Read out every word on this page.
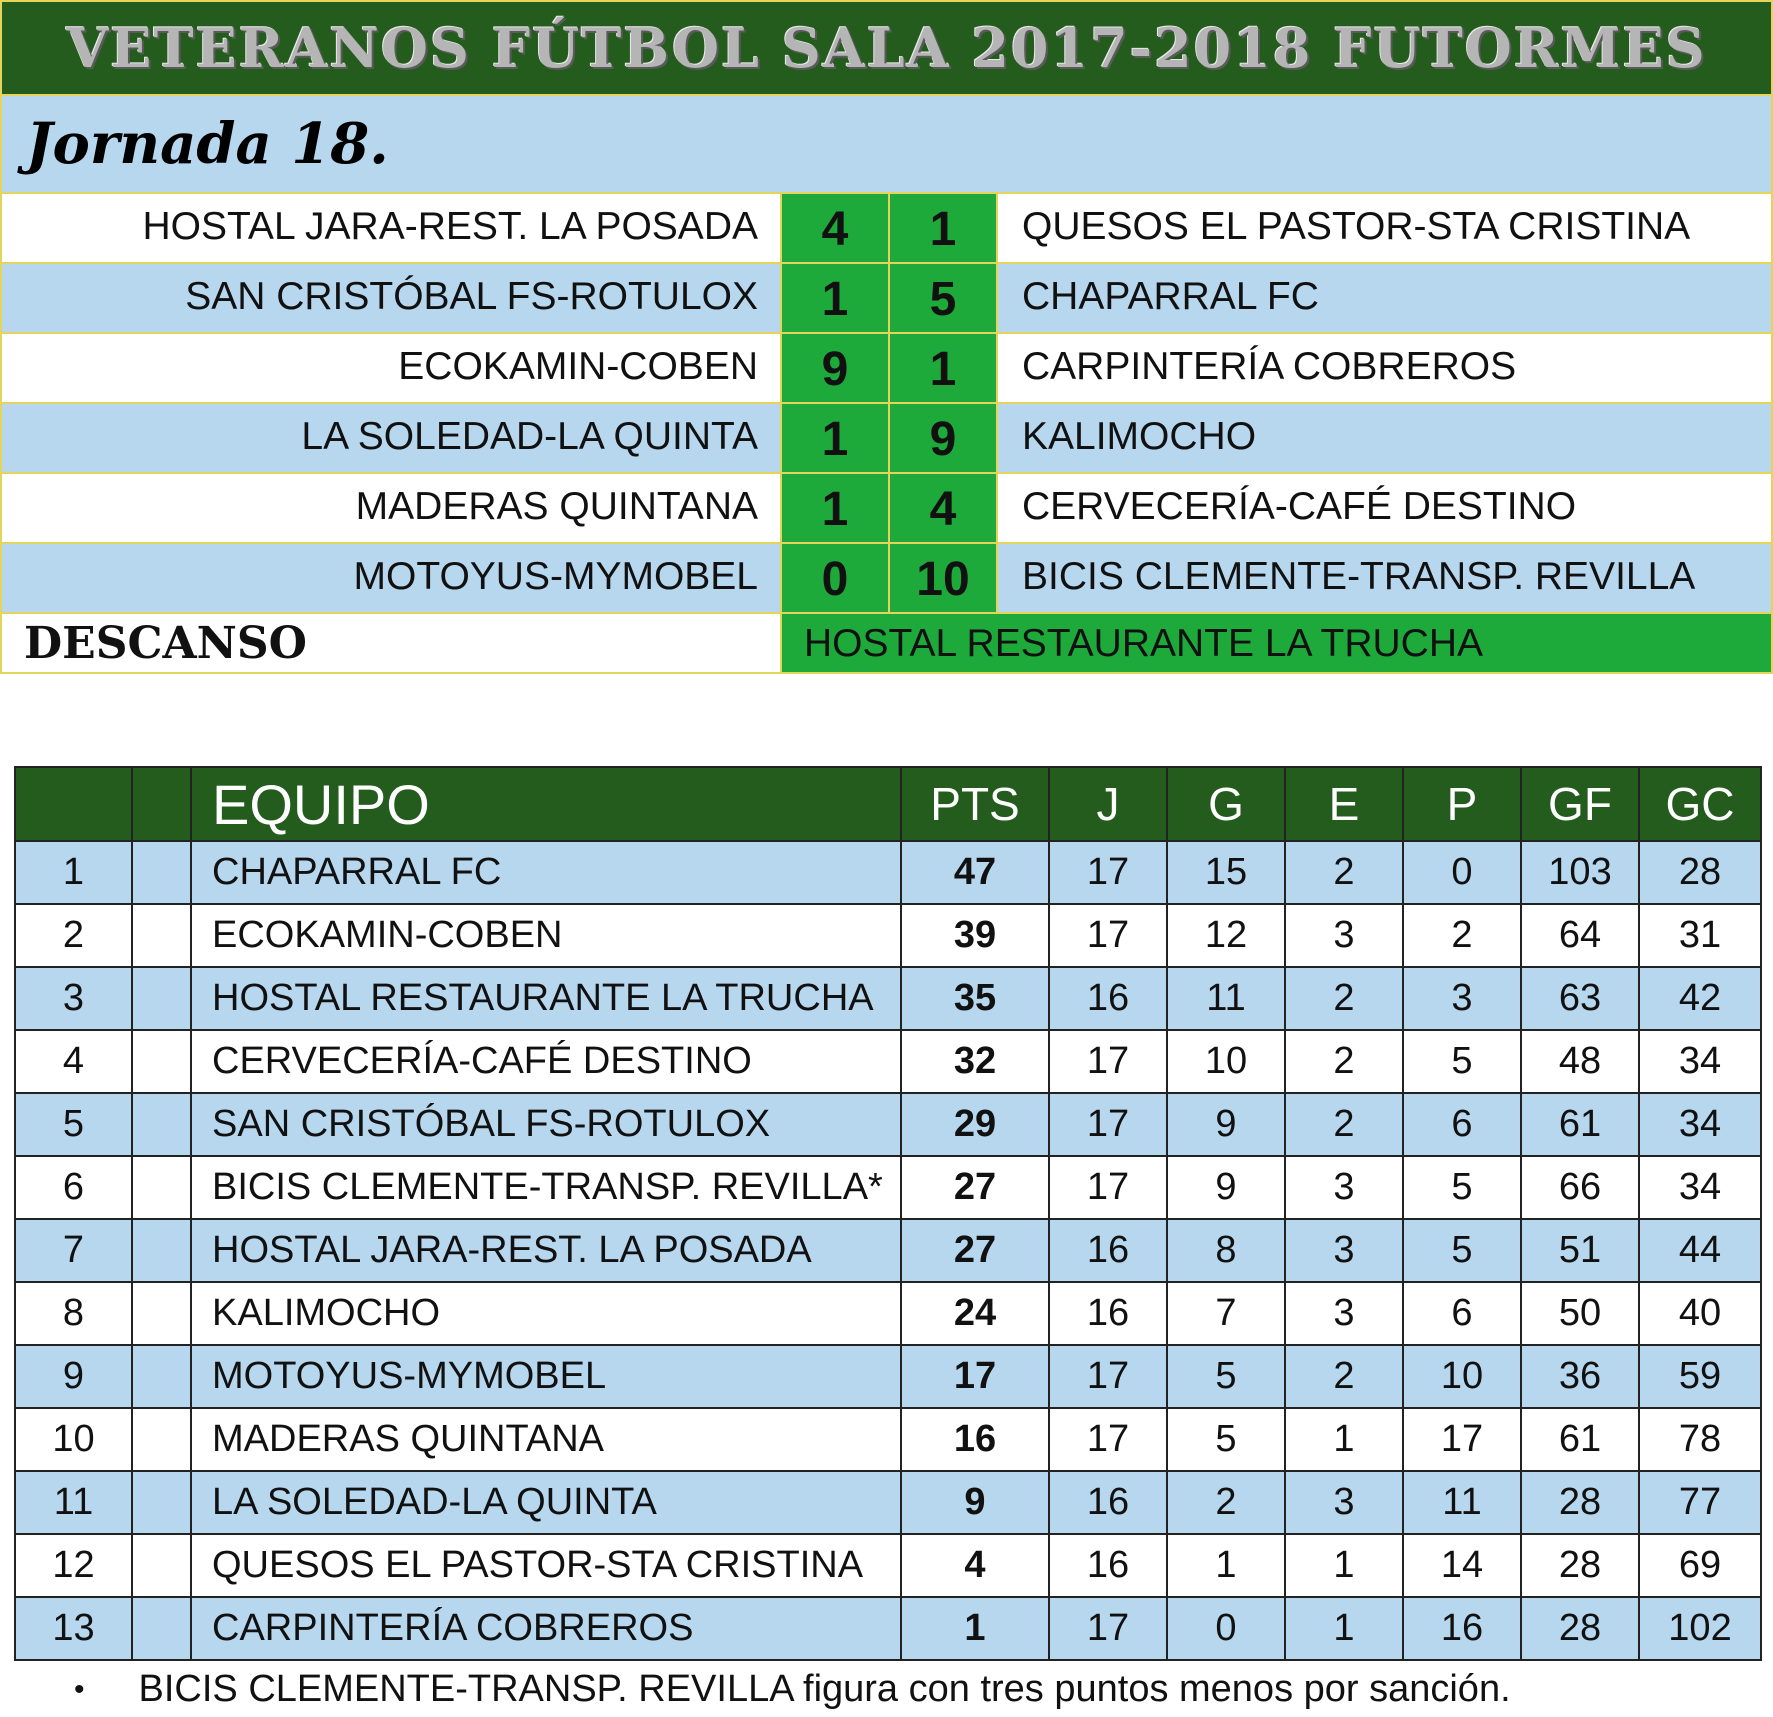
VETERANOS FÚTBOL SALA 2017-2018 FUTORMES
Jornada 18.
HOSTAL JARA-REST. LA POSADA	4	1	QUESOS EL PASTOR-STA CRISTINA
SAN CRISTÓBAL FS-ROTULOX	1	5	CHAPARRAL FC
ECOKAMIN-COBEN	9	1	CARPINTERÍA COBREROS
LA SOLEDAD-LA QUINTA	1	9	KALIMOCHO
MADERAS QUINTANA	1	4	CERVECERÍA-CAFÉ DESTINO
MOTOYUS-MYMOBEL	0	10	BICIS CLEMENTE-TRANSP. REVILLA
DESCANSO	HOSTAL RESTAURANTE LA TRUCHA
		EQUIPO	PTS	J	G	E	P	GF	GC
1		CHAPARRAL FC	47	17	15	2	0	103	28
2		ECOKAMIN-COBEN	39	17	12	3	2	64	31
3		HOSTAL RESTAURANTE LA TRUCHA	35	16	11	2	3	63	42
4		CERVECERÍA-CAFÉ DESTINO	32	17	10	2	5	48	34
5		SAN CRISTÓBAL FS-ROTULOX	29	17	9	2	6	61	34
6		BICIS CLEMENTE-TRANSP. REVILLA*	27	17	9	3	5	66	34
7		HOSTAL JARA-REST. LA POSADA	27	16	8	3	5	51	44
8		KALIMOCHO	24	16	7	3	6	50	40
9		MOTOYUS-MYMOBEL	17	17	5	2	10	36	59
10		MADERAS QUINTANA	16	17	5	1	17	61	78
11		LA SOLEDAD-LA QUINTA	9	16	2	3	11	28	77
12		QUESOS EL PASTOR-STA CRISTINA	4	16	1	1	14	28	69
13		CARPINTERÍA COBREROS	1	17	0	1	16	28	102
• BICIS CLEMENTE-TRANSP. REVILLA figura con tres puntos menos por sanción.
